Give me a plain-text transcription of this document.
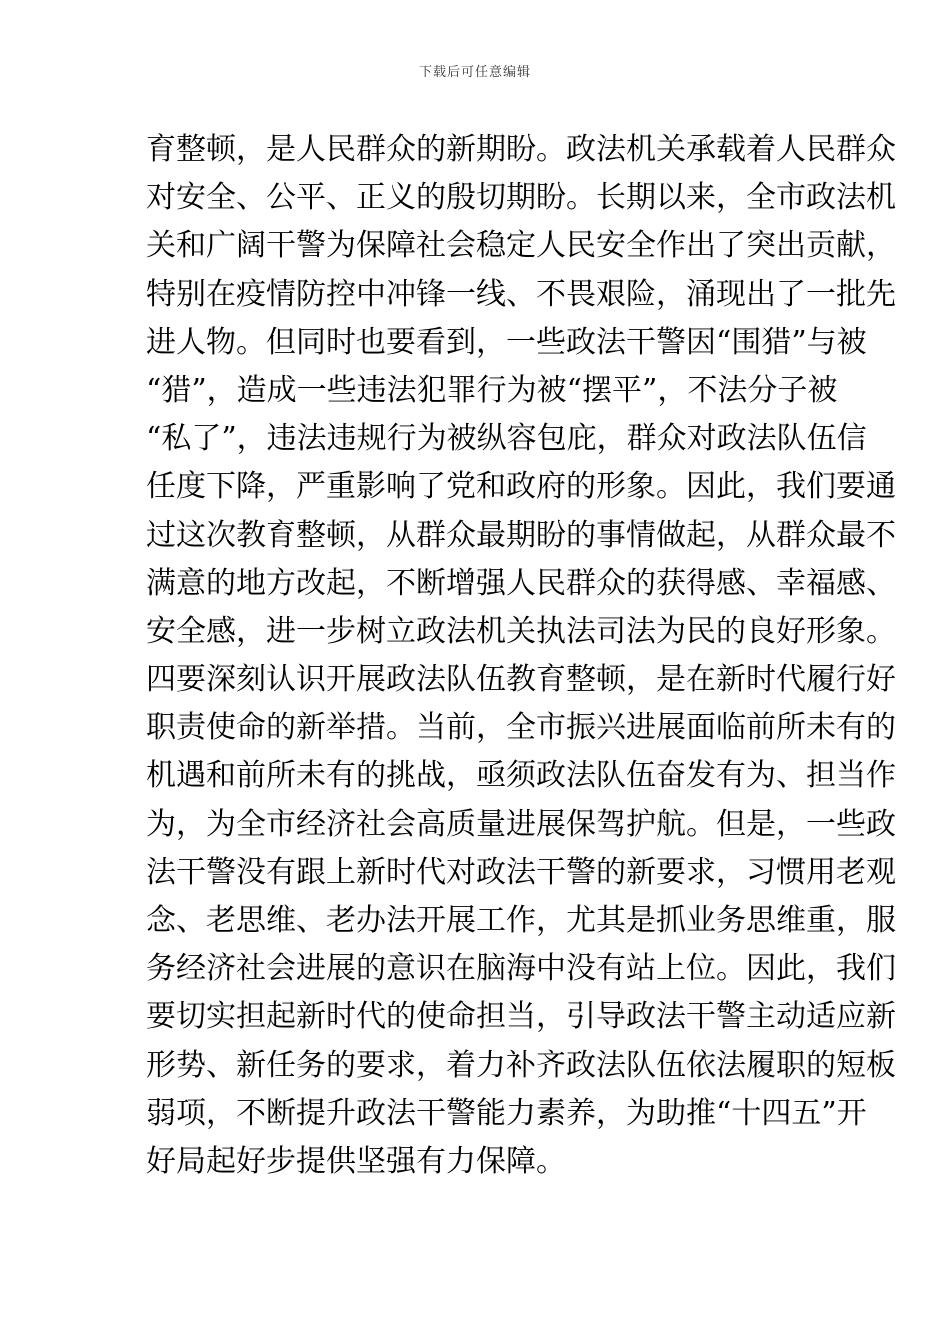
下载后可任意编辑
育整顿，是人民群众的新期盼。政法机关承载着人民群众
对安全、公平、正义的殷切期盼。长期以来，全市政法机
关和广阔干警为保障社会稳定人民安全作出了突出贡献，
特别在疫情防控中冲锋一线、不畏艰险，涌现出了一批先
进人物。但同时也要看到，一些政法干警因“围猎”与被
“猎”，造成一些违法犯罪行为被“摆平”，不法分子被
“私了”，违法违规行为被纵容包庇，群众对政法队伍信
任度下降，严重影响了党和政府的形象。因此，我们要通
过这次教育整顿，从群众最期盼的事情做起，从群众最不
满意的地方改起，不断增强人民群众的获得感、幸福感、
安全感，进一步树立政法机关执法司法为民的良好形象。
四要深刻认识开展政法队伍教育整顿，是在新时代履行好
职责使命的新举措。当前，全市振兴进展面临前所未有的
机遇和前所未有的挑战，亟须政法队伍奋发有为、担当作
为，为全市经济社会高质量进展保驾护航。但是，一些政
法干警没有跟上新时代对政法干警的新要求，习惯用老观
念、老思维、老办法开展工作，尤其是抓业务思维重，服
务经济社会进展的意识在脑海中没有站上位。因此，我们
要切实担起新时代的使命担当，引导政法干警主动适应新
形势、新任务的要求，着力补齐政法队伍依法履职的短板
弱项，不断提升政法干警能力素养，为助推“十四五”开
好局起好步提供坚强有力保障。
